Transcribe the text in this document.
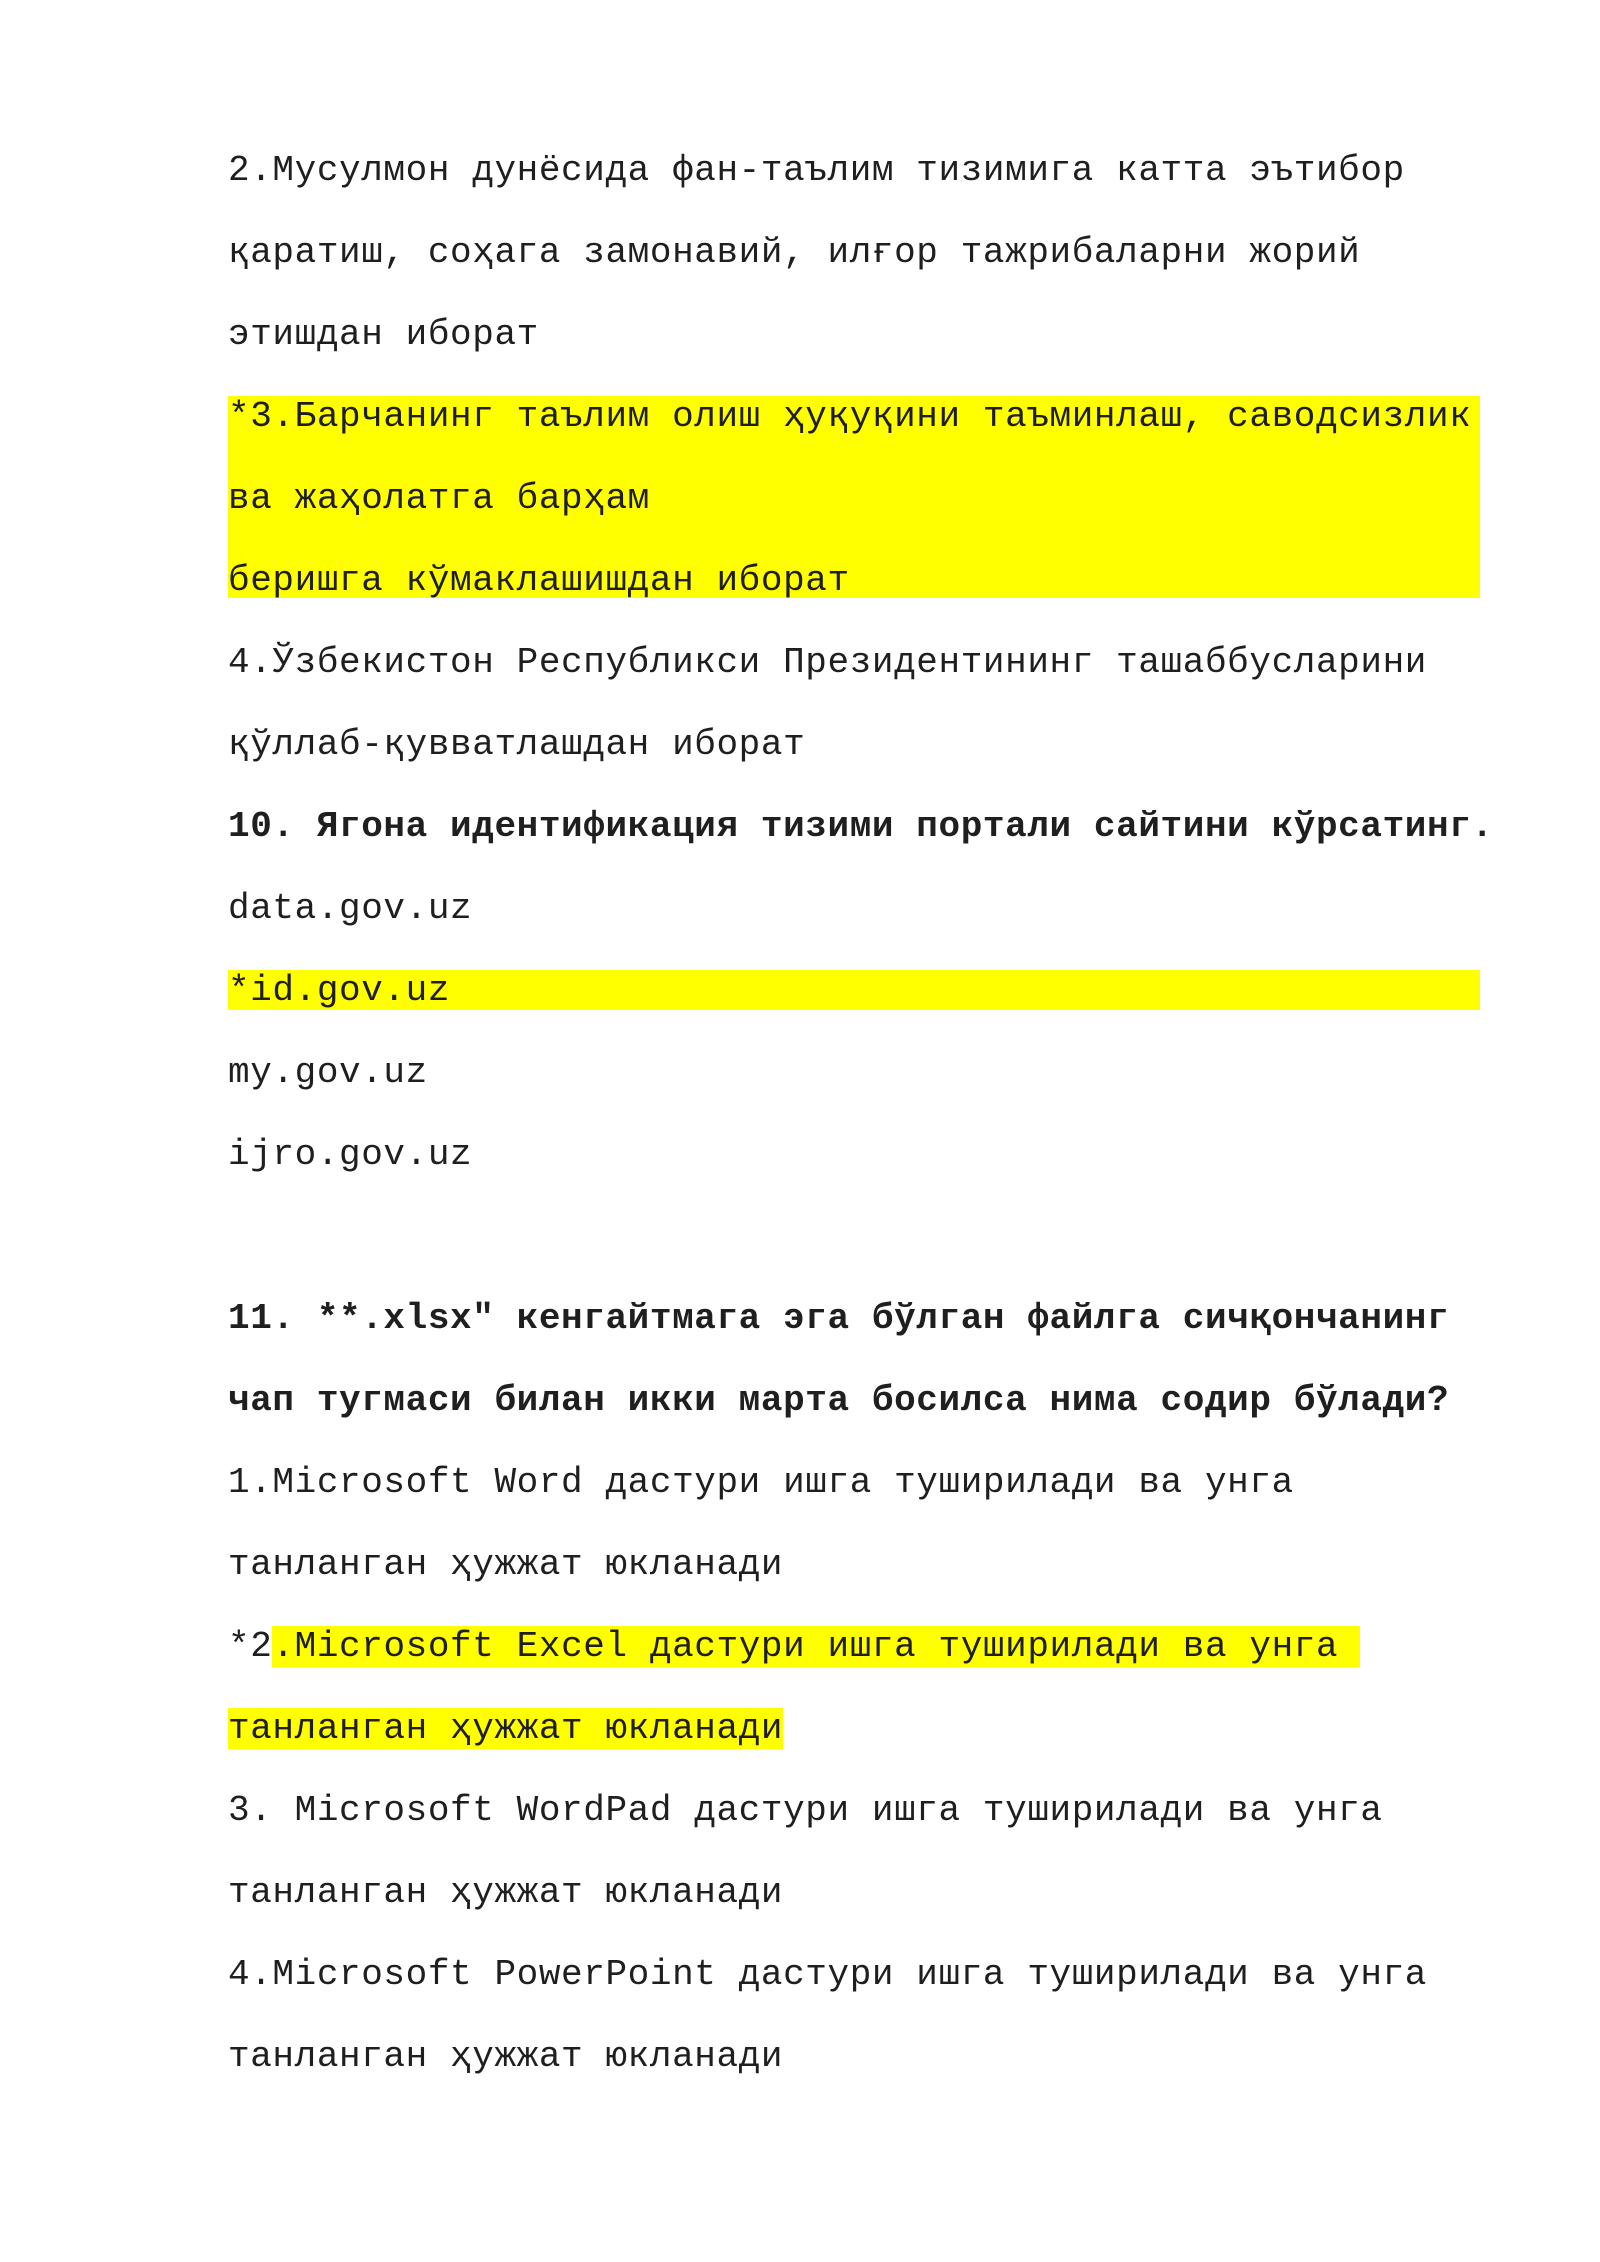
2.Мусулмон дунёсида фан-таълим тизимига катта эътибор
қаратиш, соҳага замонавий, илғор тажрибаларни жорий
этишдан иборат
*3.Барчанинг таълим олиш ҳуқуқини таъминлаш, саводсизлик
ва жаҳолатга барҳам
беришга кўмаклашишдан иборат
4.Ўзбекистон Республикси Президентининг ташаббусларини
қўллаб-қувватлашдан иборат
10. Ягона идентификация тизими портали сайтини кўрсатинг.
data.gov.uz
*id.gov.uz
my.gov.uz
ijro.gov.uz
11. **.xlsx" кенгайтмага эга бўлган файлга сичқончанинг
чап тугмаси билан икки марта босилса нима содир бўлади?
1.Microsoft Word дастури ишга туширилади ва унга
танланган ҳужжат юкланади
*2.Microsoft Excel дастури ишга туширилади ва унга
танланган ҳужжат юкланади
3. Microsoft WordPad дастури ишга туширилади ва унга
танланган ҳужжат юкланади
4.Microsoft PowerPoint дастури ишга туширилади ва унга
танланган ҳужжат юкланади
